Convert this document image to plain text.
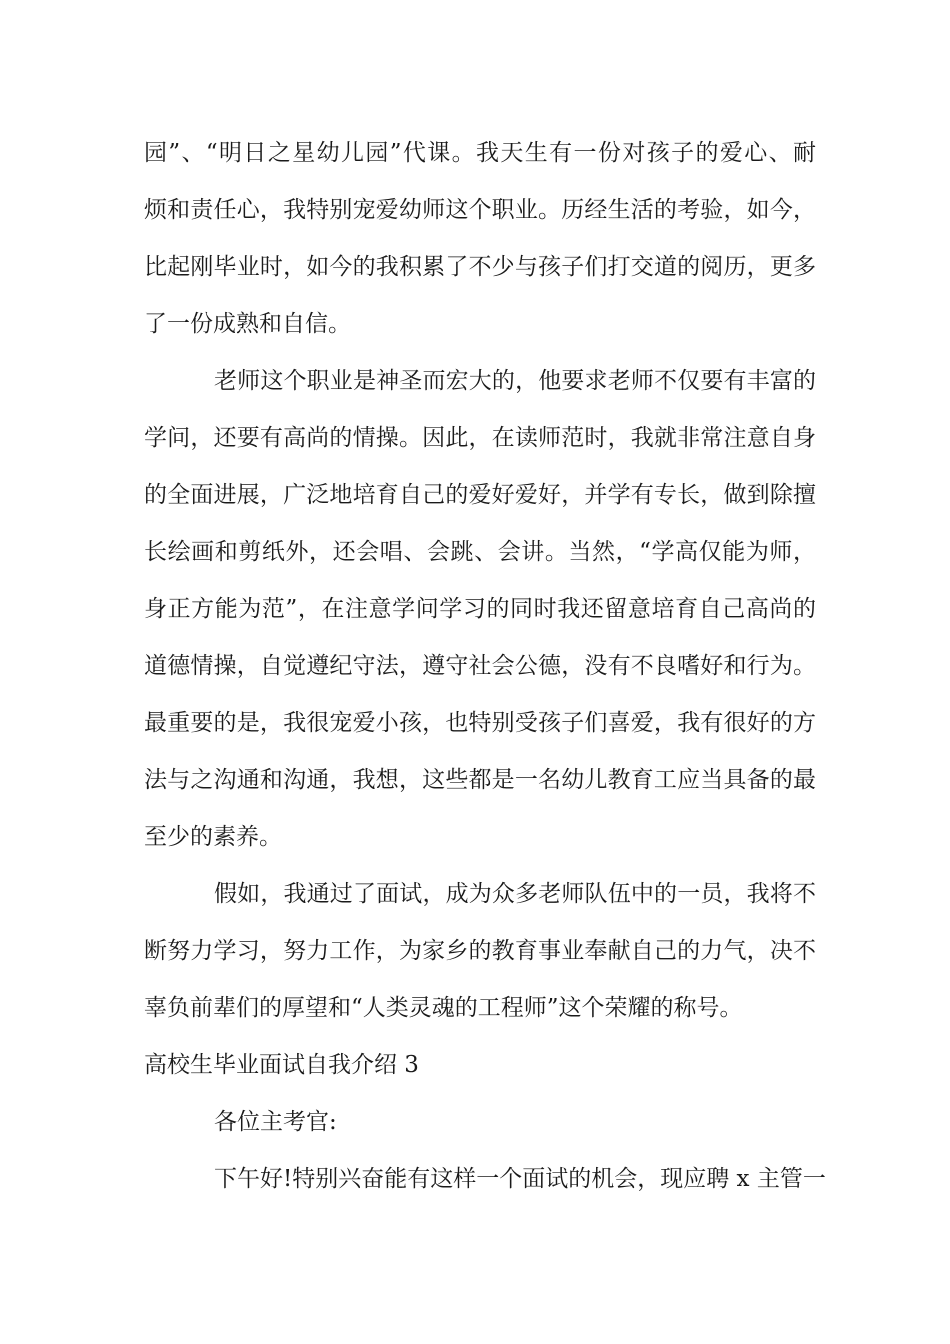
园”、“明日之星幼儿园”代课。我天生有一份对孩子的爱心、耐
烦和责任心，我特别宠爱幼师这个职业。历经生活的考验，如今，
比起刚毕业时，如今的我积累了不少与孩子们打交道的阅历，更多
了一份成熟和自信。
老师这个职业是神圣而宏大的，他要求老师不仅要有丰富的
学问，还要有高尚的情操。因此，在读师范时，我就非常注意自身
的全面进展，广泛地培育自己的爱好爱好，并学有专长，做到除擅
长绘画和剪纸外，还会唱、会跳、会讲。当然，“学高仅能为师，
身正方能为范”，在注意学问学习的同时我还留意培育自己高尚的
道德情操，自觉遵纪守法，遵守社会公德，没有不良嗜好和行为。
最重要的是，我很宠爱小孩，也特别受孩子们喜爱，我有很好的方
法与之沟通和沟通，我想，这些都是一名幼儿教育工应当具备的最
至少的素养。
假如，我通过了面试，成为众多老师队伍中的一员，我将不
断努力学习，努力工作，为家乡的教育事业奉献自己的力气，决不
辜负前辈们的厚望和“人类灵魂的工程师”这个荣耀的称号。
高校生毕业面试自我介绍 3
各位主考官:
下午好!特别兴奋能有这样一个面试的机会，现应聘 x 主管一
